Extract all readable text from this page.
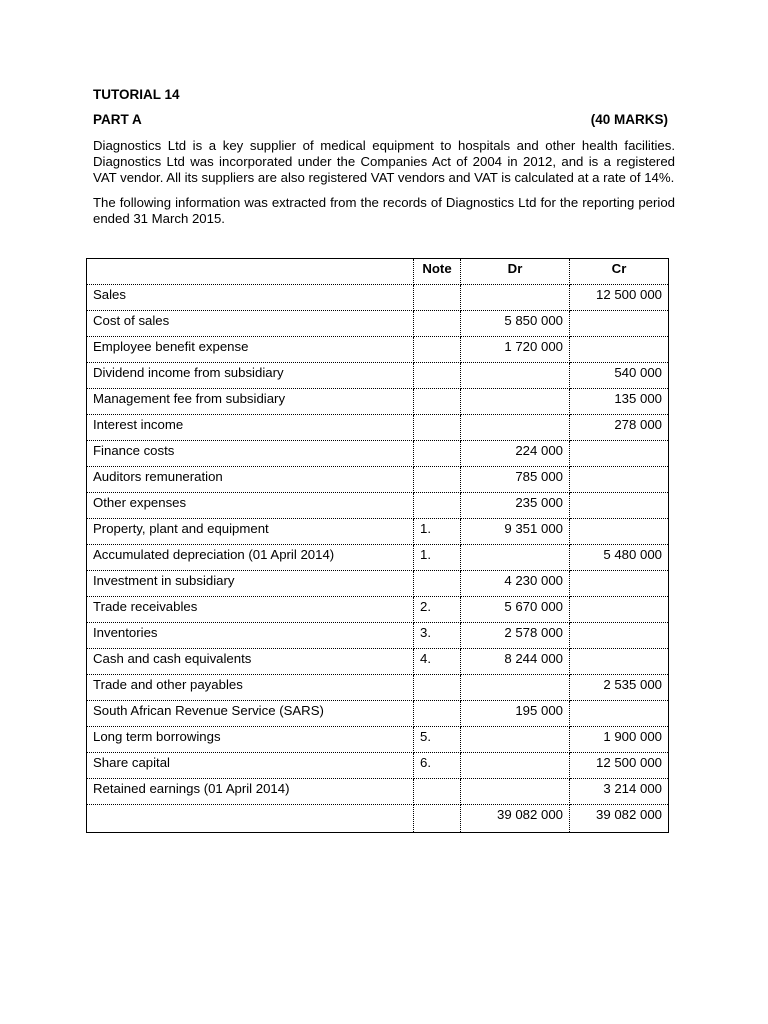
TUTORIAL 14
PART A	(40 MARKS)
Diagnostics Ltd is a key supplier of medical equipment to hospitals and other health facilities. Diagnostics Ltd was incorporated under the Companies Act of 2004 in 2012, and is a registered VAT vendor. All its suppliers are also registered VAT vendors and VAT is calculated at a rate of 14%.
The following information was extracted from the records of Diagnostics Ltd for the reporting period ended 31 March 2015.
	Note	Dr	Cr
Sales			12 500 000
Cost of sales		5 850 000	
Employee benefit expense		1 720 000	
Dividend income from subsidiary			540 000
Management fee from subsidiary			135 000
Interest income			278 000
Finance costs		224 000	
Auditors remuneration		785 000	
Other expenses		235 000	
Property, plant and equipment	1.	9 351 000	
Accumulated depreciation (01 April 2014)	1.		5 480 000
Investment in subsidiary		4 230 000	
Trade receivables	2.	5 670 000	
Inventories	3.	2 578 000	
Cash and cash equivalents	4.	8 244 000	
Trade and other payables			2 535 000
South African Revenue Service (SARS)		195 000	
Long term borrowings	5.		1 900 000
Share capital	6.		12 500 000
Retained earnings (01 April 2014)			3 214 000
		39 082 000	39 082 000
